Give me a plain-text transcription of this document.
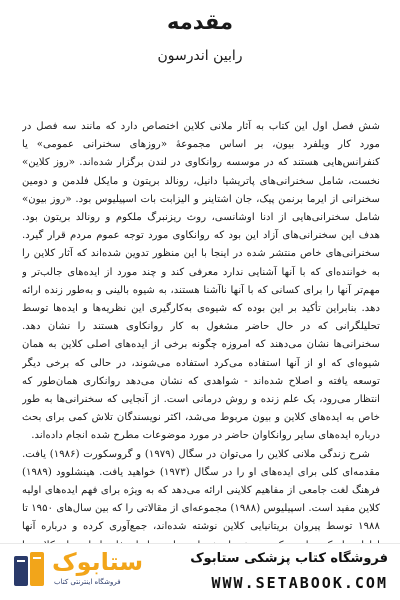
مقدمه
رابین اندرسون

شش فصل اول این کتاب به آثار ملانی کلاین اختصاص دارد که مانند سه فصل در مورد کار ویلفرد بیون، بر اساس مجموعهٔ «روزهای سخنرانی عمومی» یا کنفرانس‌هایی هستند که در موسسه روانکاوی در لندن برگزار شده‌اند. «روز کلاین» نخست، شامل سخنرانی‌های پاتریشیا دانیل، رونالد بریتون و مایکل فلدمن و دومین سخنرانی از ایرما برنمن پیک، جان اشتاینر و الیزابت بات اسپیلیوس بود. «روز بیون» شامل سخنرانی‌هایی از ادنا اوشانسی، روث ریزنبرگ ملکوم و رونالد بریتون بود. هدف این سخنرانی‌های آزاد این بود که روانکاوی مورد توجه عموم مردم قرار گیرد. سخنرانی‌های خاص منتشر شده در اینجا با این منظور تدوین شده‌اند که آثار کلاین را به خواننده‌ای که با آنها آشنایی ندارد معرفی کند و چند مورد از ایده‌های جالب‌تر و مهم‌تر آنها را برای کسانی که با آنها ناآشنا هستند، به شیوه بالینی و به‌طور زنده ارائه دهد. بنابراین تأکید بر این بوده که شیوه‌ی به‌کارگیری این نظریه‌ها و ایده‌ها توسط تحلیلگرانی که در حال حاضر مشغول به کار روانکاوی هستند را نشان دهد. سخنرانی‌ها نشان می‌دهند که امروزه چگونه برخی از ایده‌های اصلی کلاین به همان شیوه‌ای که او از آنها استفاده می‌کرد استفاده می‌شوند، در حالی که برخی دیگر توسعه یافته و اصلاح شده‌اند - شواهدی که نشان می‌دهد روانکاری همان‌طور که انتظار می‌رود، یک علم زنده و روش درمانی است. از آنجایی که سخنرانی‌ها به طور خاص به ایده‌های کلاین و بیون مربوط می‌شد، اکثر نویسندگان تلاش کمی برای بحث درباره ایده‌های سایر روانکاوان حاضر در مورد موضوعات مطرح شده انجام داده‌اند.

شرح زندگی ملانی کلاین را می‌توان در سگال (۱۹۷۹) و گروسکورت (۱۹۸۶) یافت. مقدمه‌ای کلی برای ایده‌های او را در سگال (۱۹۷۳) خواهید یافت. هینشلوود (۱۹۸۹) فرهنگ لغت جامعی از مفاهیم کلاینی ارائه می‌دهد که به ویژه برای فهم ایده‌های اولیه کلاین مفید است. اسپیلیوس (۱۹۸۸) مجموعه‌ای از مقالاتی را که بین سال‌های ۱۹۵۰ تا ۱۹۸۸ توسط پیروان بریتانیایی کلاین نوشته شده‌اند، جمع‌آوری کرده و درباره آنها

ستابوک
فروشگاه اینترنتی کتاب
فروشگاه کتاب پزشکی ستابوک
WWW.SETABOOK.COM
